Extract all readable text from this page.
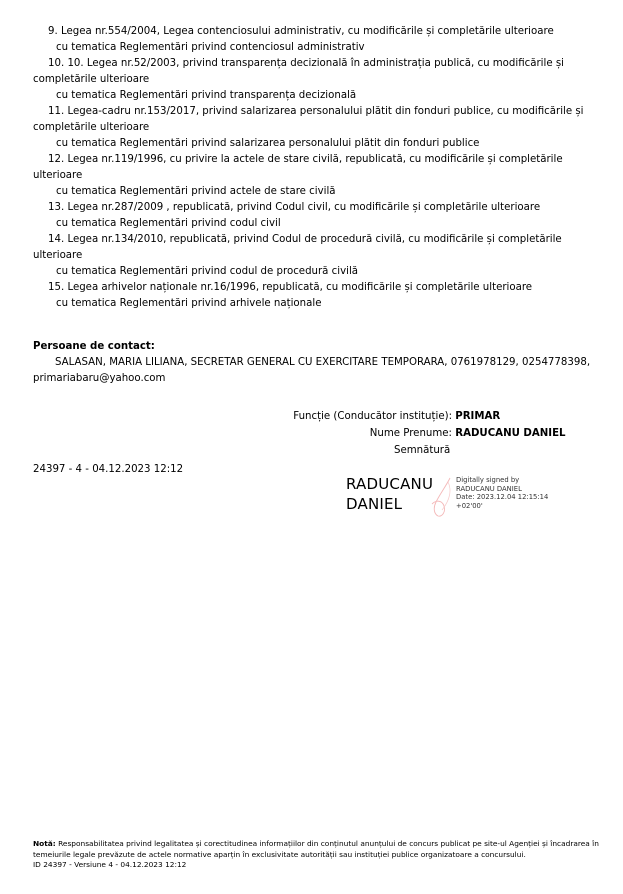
9. Legea nr.554/2004, Legea contenciosului administrativ, cu modificările și completările ulterioare

cu tematica Reglementări privind contenciosul administrativ

10. 10. Legea nr.52/2003, privind transparența decizională în administrația publică, cu modificările și completările ulterioare

cu tematica Reglementări privind transparența decizională

11. Legea-cadru nr.153/2017, privind salarizarea personalului plătit din fonduri publice, cu modificările și completările ulterioare

cu tematica Reglementări privind salarizarea personalului plătit din fonduri publice

12. Legea nr.119/1996, cu privire la actele de stare civilă, republicată, cu modificările și completările ulterioare

cu tematica Reglementări privind actele de stare civilă

13. Legea nr.287/2009 , republicată, privind Codul civil, cu modificările și completările ulterioare

cu tematica Reglementări privind codul civil

14. Legea nr.134/2010, republicată, privind Codul de procedură civilă, cu modificările și completările ulterioare

cu tematica Reglementări privind codul de procedură civilă

15. Legea arhivelor naționale nr.16/1996, republicată, cu modificările și completările ulterioare

cu tematica Reglementări privind arhivele naționale

Persoane de contact:
SALASAN, MARIA LILIANA, SECRETAR GENERAL CU EXERCITARE TEMPORARA, 0761978129, 0254778398, primariabaru@yahoo.com
Funcție (Conducător instituție): PRIMAR
Nume Prenume: RADUCANU DANIEL
Semnătură
24397 - 4 - 04.12.2023 12:12
RADUCANU
DANIEL
Digitally signed by
RADUCANU DANIEL
Date: 2023.12.04 12:15:14
+02'00'
Notă: Responsabilitatea privind legalitatea și corectitudinea informațiilor din conținutul anunțului de concurs publicat pe site-ul Agenției și încadrarea în temeiurile legale prevăzute de actele normative aparțin în exclusivitate autorității sau instituției publice organizatoare a concursului.
ID 24397 - Versiune 4 - 04.12.2023 12:12
